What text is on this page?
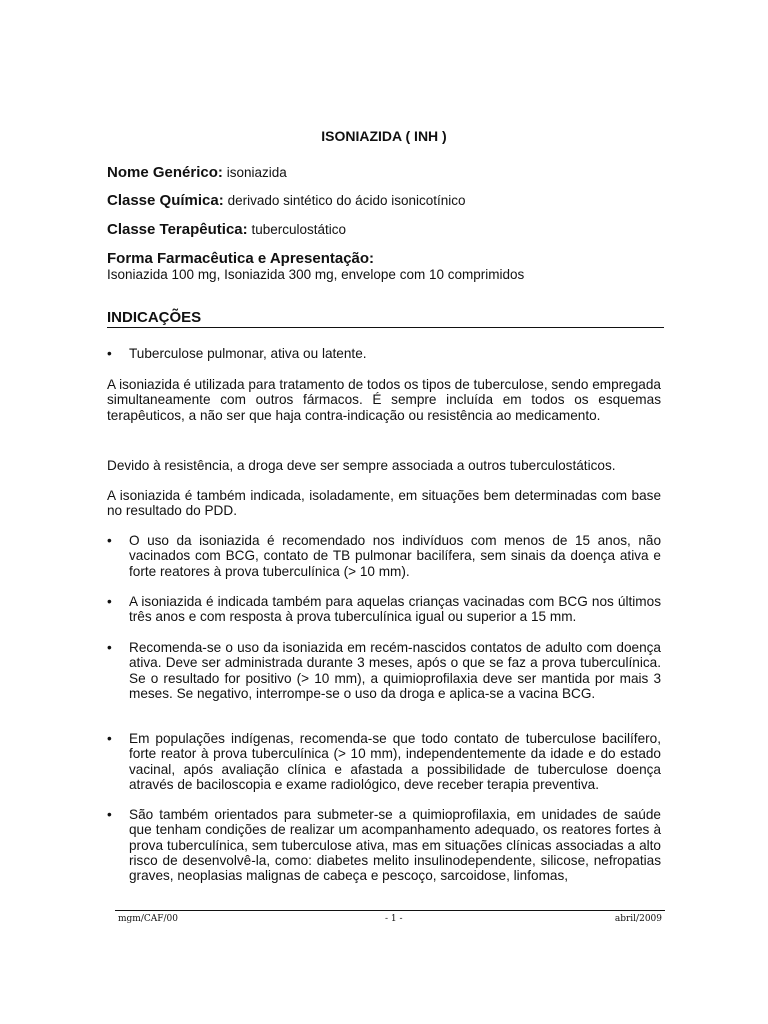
ISONIAZIDA ( INH )
Nome Genérico: isoniazida
Classe Química: derivado sintético do ácido isonicotínico
Classe Terapêutica: tuberculostático
Forma Farmacêutica e Apresentação:
Isoniazida 100 mg, Isoniazida 300 mg, envelope com 10 comprimidos
INDICAÇÕES
•	Tuberculose pulmonar, ativa ou latente.
A isoniazida é utilizada para tratamento de todos os tipos de tuberculose, sendo empregada simultaneamente com outros fármacos. É sempre incluída em todos os esquemas terapêuticos, a não ser que haja contra-indicação ou resistência ao medicamento.
Devido à resistência, a droga deve ser sempre associada a outros tuberculostáticos.
A isoniazida é também indicada, isoladamente, em situações bem determinadas com base no resultado do PDD.
•	O uso da isoniazida é recomendado nos indivíduos com menos de 15 anos, não vacinados com BCG, contato de TB pulmonar bacilífera, sem sinais da doença ativa e forte reatores à prova tuberculínica (> 10 mm).
•	A isoniazida é indicada também para aquelas crianças vacinadas com BCG nos últimos três anos e com resposta à prova tuberculínica igual ou superior a 15 mm.
•	Recomenda-se o uso da isoniazida em recém-nascidos contatos de adulto com doença ativa. Deve ser administrada durante 3 meses, após o que se faz a prova tuberculínica. Se o resultado for positivo (> 10 mm), a quimioprofilaxia deve ser mantida por mais 3 meses. Se negativo, interrompe-se o uso da droga e aplica-se a vacina BCG.
•	Em populações indígenas, recomenda-se que todo contato de tuberculose bacilífero, forte reator à prova tuberculínica (> 10 mm), independentemente da idade e do estado vacinal, após avaliação clínica e afastada a possibilidade de tuberculose doença através de baciloscopia e exame radiológico, deve receber terapia preventiva.
•	São também orientados para submeter-se a quimioprofilaxia, em unidades de saúde que tenham condições de realizar um acompanhamento adequado, os reatores fortes à prova tuberculínica, sem tuberculose ativa, mas em situações clínicas associadas a alto risco de desenvolvê-la, como: diabetes melito insulinodependente, silicose, nefropatias graves, neoplasias malignas de cabeça e pescoço, sarcoidose, linfomas,
mgm/CAF/00	- 1 -	abril/2009
